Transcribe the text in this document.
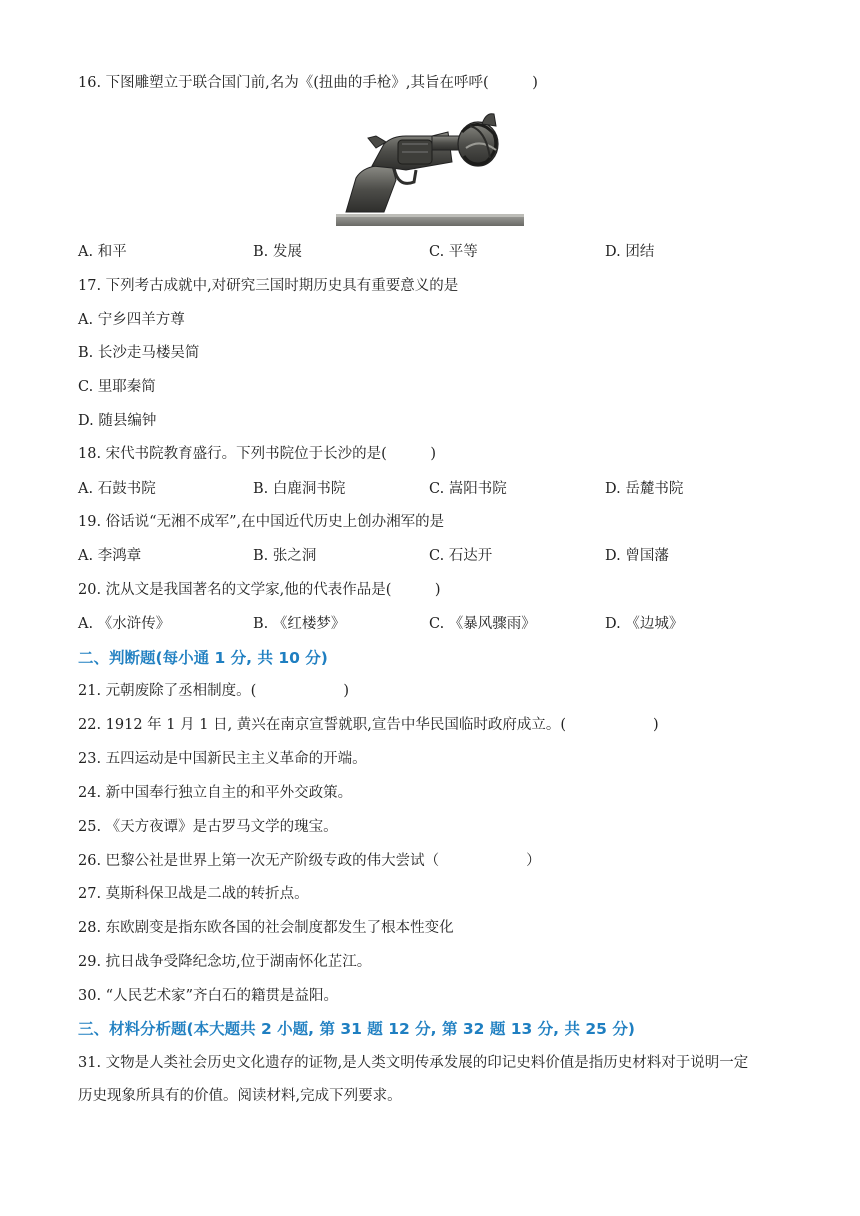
16. 下图雕塑立于联合国门前,名为《(扭曲的手枪》,其旨在呼呼(　　　)
A. 和平	B. 发展	C. 平等	D. 团结
17. 下列考古成就中,对研究三国时期历史具有重要意义的是
A. 宁乡四羊方尊
B. 长沙走马楼吴简
C. 里耶秦简
D. 随县编钟
18. 宋代书院教育盛行。下列书院位于长沙的是(　　　)
A. 石鼓书院	B. 白鹿洞书院	C. 嵩阳书院	D. 岳麓书院
19. 俗话说“无湘不成军”,在中国近代历史上创办湘军的是
A. 李鸿章	B. 张之洞	C. 石达开	D. 曾国藩
20. 沈从文是我国著名的文学家,他的代表作品是(　　　)
A. 《水浒传》	B. 《红楼梦》	C. 《暴风骤雨》	D. 《边城》
二、判断题(每小通 1 分, 共 10 分)
21. 元朝废除了丞相制度。(　　　　　　)
22. 1912 年 1 月 1 日, 黄兴在南京宣誓就职,宣告中华民国临时政府成立。(　　　　　　)
23. 五四运动是中国新民主主义革命的开端。
24. 新中国奉行独立自主的和平外交政策。
25. 《天方夜谭》是古罗马文学的瑰宝。
26. 巴黎公社是世界上第一次无产阶级专政的伟大尝试（　　　　　　）
27. 莫斯科保卫战是二战的转折点。
28. 东欧剧变是指东欧各国的社会制度都发生了根本性变化
29. 抗日战争受降纪念坊,位于湖南怀化芷江。
30. “人民艺术家”齐白石的籍贯是益阳。
三、材料分析题(本大题共 2 小题, 第 31 题 12 分, 第 32 题 13 分, 共 25 分)
31. 文物是人类社会历史文化遗存的证物,是人类文明传承发展的印记史料价值是指历史材料对于说明一定
历史现象所具有的价值。阅读材料,完成下列要求。
